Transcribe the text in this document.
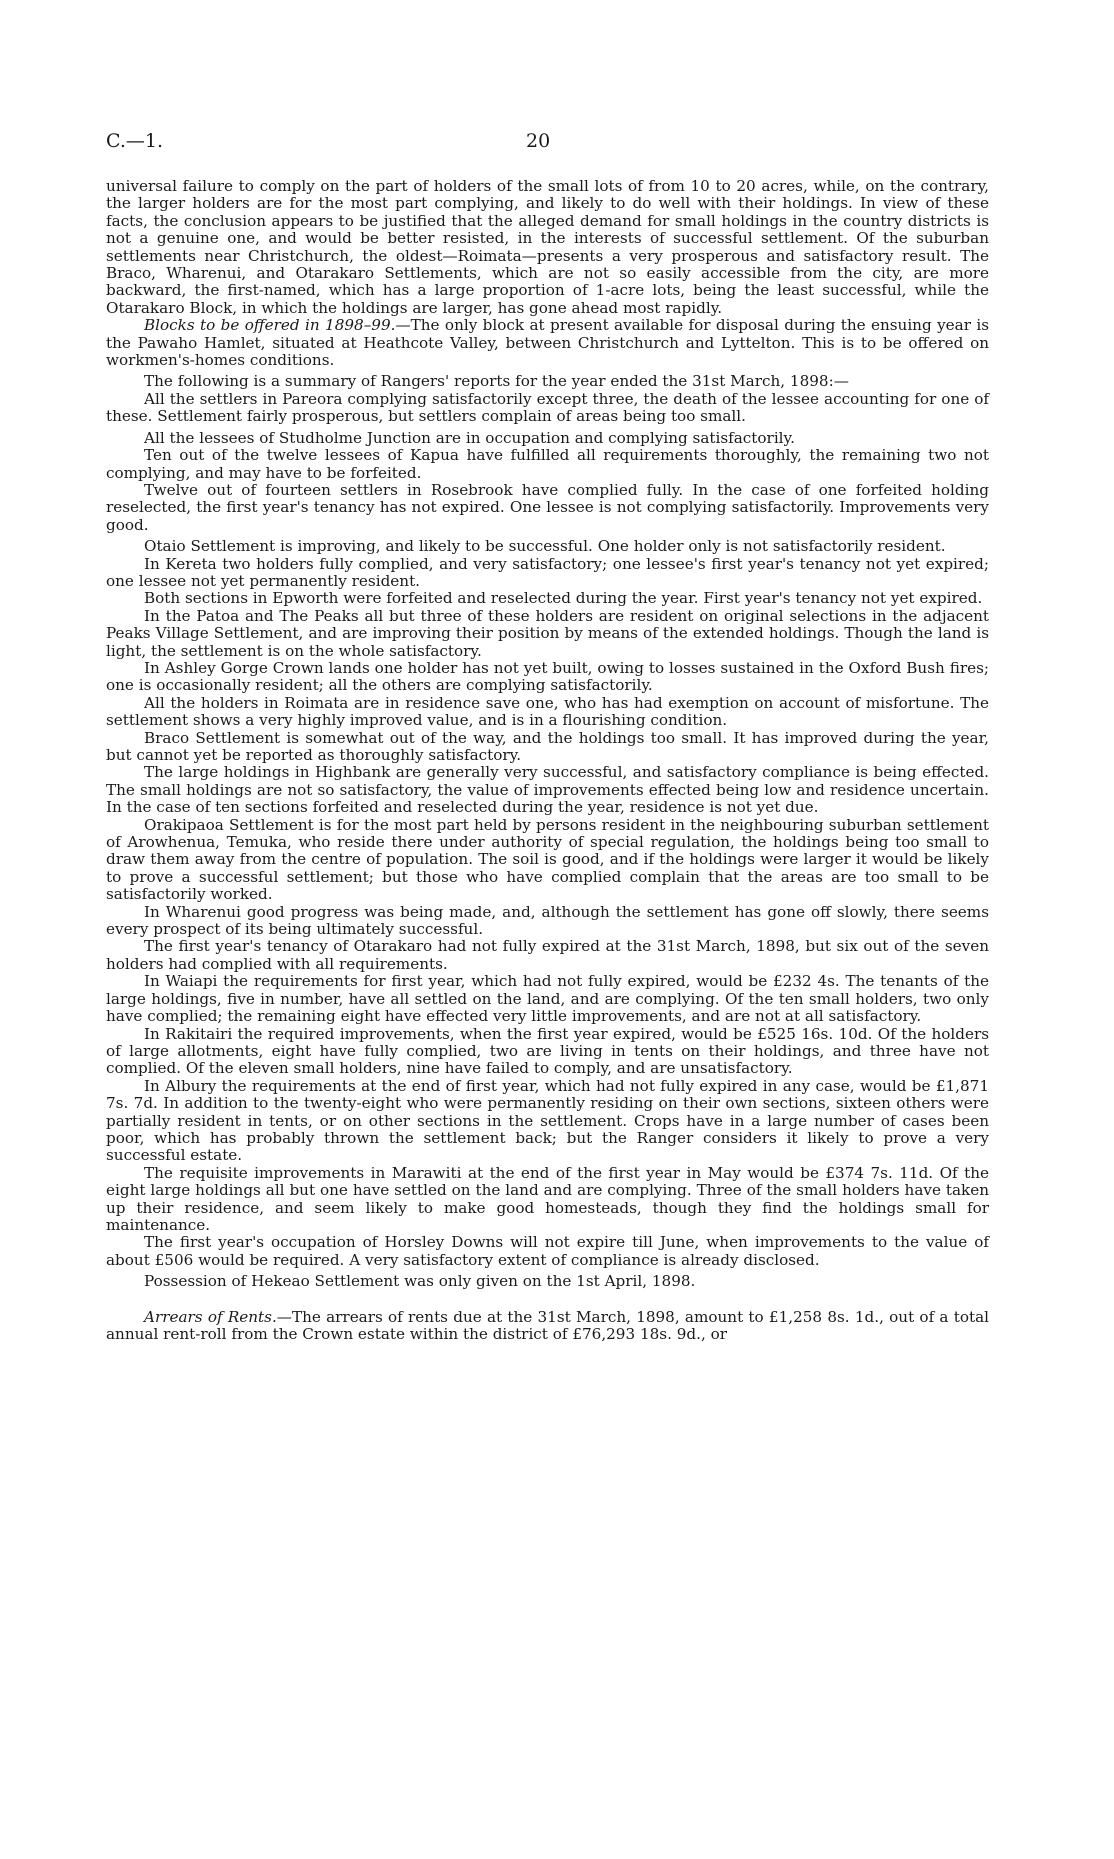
C.—1.	20

universal failure to comply on the part of holders of the small lots of from 10 to 20 acres, while, on the contrary, the larger holders are for the most part complying, and likely to do well with their holdings. In view of these facts, the conclusion appears to be justified that the alleged demand for small holdings in the country districts is not a genuine one, and would be better resisted, in the interests of successful settlement. Of the suburban settlements near Christchurch, the oldest—Roimata—presents a very prosperous and satisfactory result. The Braco, Wharenui, and Otarakaro Settlements, which are not so easily accessible from the city, are more backward, the first-named, which has a large proportion of 1-acre lots, being the least successful, while the Otarakaro Block, in which the holdings are larger, has gone ahead most rapidly.

Blocks to be offered in 1898–99.—The only block at present available for disposal during the ensuing year is the Pawaho Hamlet, situated at Heathcote Valley, between Christchurch and Lyttelton. This is to be offered on workmen's-homes conditions.

The following is a summary of Rangers' reports for the year ended the 31st March, 1898:—

All the settlers in Pareora complying satisfactorily except three, the death of the lessee accounting for one of these. Settlement fairly prosperous, but settlers complain of areas being too small.

All the lessees of Studholme Junction are in occupation and complying satisfactorily.

Ten out of the twelve lessees of Kapua have fulfilled all requirements thoroughly, the remaining two not complying, and may have to be forfeited.

Twelve out of fourteen settlers in Rosebrook have complied fully. In the case of one forfeited holding reselected, the first year's tenancy has not expired. One lessee is not complying satisfactorily. Improvements very good.

Otaio Settlement is improving, and likely to be successful. One holder only is not satisfactorily resident.

In Kereta two holders fully complied, and very satisfactory; one lessee's first year's tenancy not yet expired; one lessee not yet permanently resident.

Both sections in Epworth were forfeited and reselected during the year. First year's tenancy not yet expired.

In the Patoa and The Peaks all but three of these holders are resident on original selections in the adjacent Peaks Village Settlement, and are improving their position by means of the extended holdings. Though the land is light, the settlement is on the whole satisfactory.

In Ashley Gorge Crown lands one holder has not yet built, owing to losses sustained in the Oxford Bush fires; one is occasionally resident; all the others are complying satisfactorily.

All the holders in Roimata are in residence save one, who has had exemption on account of misfortune. The settlement shows a very highly improved value, and is in a flourishing condition.

Braco Settlement is somewhat out of the way, and the holdings too small. It has improved during the year, but cannot yet be reported as thoroughly satisfactory.

The large holdings in Highbank are generally very successful, and satisfactory compliance is being effected. The small holdings are not so satisfactory, the value of improvements effected being low and residence uncertain. In the case of ten sections forfeited and reselected during the year, residence is not yet due.

Orakipaoa Settlement is for the most part held by persons resident in the neighbouring suburban settlement of Arowhenua, Temuka, who reside there under authority of special regulation, the holdings being too small to draw them away from the centre of population. The soil is good, and if the holdings were larger it would be likely to prove a successful settlement; but those who have complied complain that the areas are too small to be satisfactorily worked.

In Wharenui good progress was being made, and, although the settlement has gone off slowly, there seems every prospect of its being ultimately successful.

The first year's tenancy of Otarakaro had not fully expired at the 31st March, 1898, but six out of the seven holders had complied with all requirements.

In Waiapi the requirements for first year, which had not fully expired, would be £232 4s. The tenants of the large holdings, five in number, have all settled on the land, and are complying. Of the ten small holders, two only have complied; the remaining eight have effected very little improvements, and are not at all satisfactory.

In Rakitairi the required improvements, when the first year expired, would be £525 16s. 10d. Of the holders of large allotments, eight have fully complied, two are living in tents on their holdings, and three have not complied. Of the eleven small holders, nine have failed to comply, and are unsatisfactory.

In Albury the requirements at the end of first year, which had not fully expired in any case, would be £1,871 7s. 7d. In addition to the twenty-eight who were permanently residing on their own sections, sixteen others were partially resident in tents, or on other sections in the settlement. Crops have in a large number of cases been poor, which has probably thrown the settlement back; but the Ranger considers it likely to prove a very successful estate.

The requisite improvements in Marawiti at the end of the first year in May would be £374 7s. 11d. Of the eight large holdings all but one have settled on the land and are complying. Three of the small holders have taken up their residence, and seem likely to make good homesteads, though they find the holdings small for maintenance.

The first year's occupation of Horsley Downs will not expire till June, when improvements to the value of about £506 would be required. A very satisfactory extent of compliance is already disclosed.

Possession of Hekeao Settlement was only given on the 1st April, 1898.

Arrears of Rents.—The arrears of rents due at the 31st March, 1898, amount to £1,258 8s. 1d., out of a total annual rent-roll from the Crown estate within the district of £76,293 18s. 9d., or
